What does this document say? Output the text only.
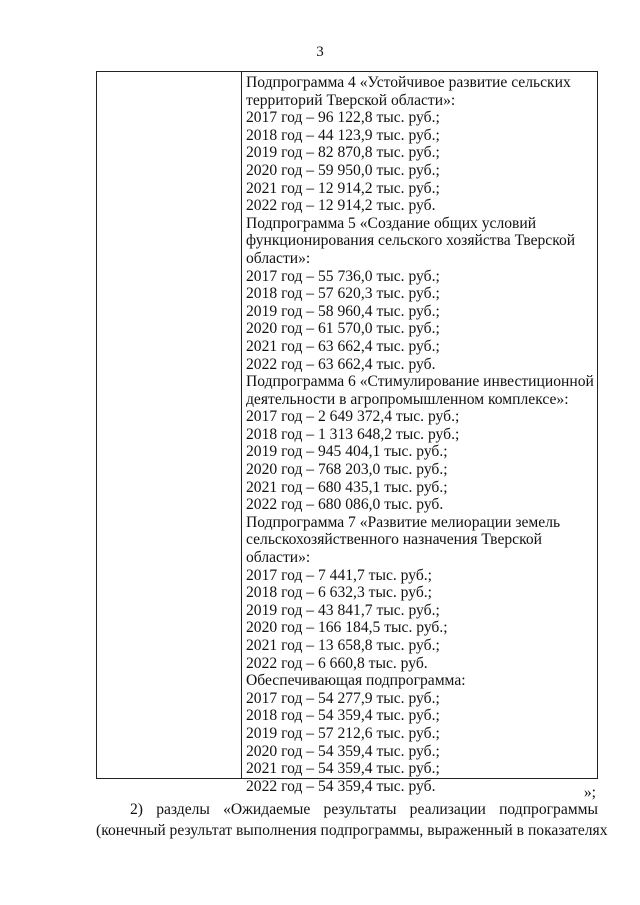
3
Подпрограмма 4 «Устойчивое развитие сельских
территорий Тверской области»:
2017 год – 96 122,8 тыс. руб.;
2018 год – 44 123,9 тыс. руб.;
2019 год – 82 870,8 тыс. руб.;
2020 год – 59 950,0 тыс. руб.;
2021 год – 12 914,2 тыс. руб.;
2022 год – 12 914,2 тыс. руб.
Подпрограмма 5 «Создание общих условий
функционирования сельского хозяйства Тверской
области»:
2017 год – 55 736,0 тыс. руб.;
2018 год – 57 620,3 тыс. руб.;
2019 год – 58 960,4 тыс. руб.;
2020 год – 61 570,0 тыс. руб.;
2021 год – 63 662,4 тыс. руб.;
2022 год – 63 662,4 тыс. руб.
Подпрограмма 6 «Стимулирование инвестиционной
деятельности в агропромышленном комплексе»:
2017 год – 2 649 372,4 тыс. руб.;
2018 год – 1 313 648,2 тыс. руб.;
2019 год – 945 404,1 тыс. руб.;
2020 год – 768 203,0 тыс. руб.;
2021 год – 680 435,1 тыс. руб.;
2022 год – 680 086,0 тыс. руб.
Подпрограмма 7 «Развитие мелиорации земель
сельскохозяйственного назначения Тверской
области»:
2017 год – 7 441,7 тыс. руб.;
2018 год – 6 632,3 тыс. руб.;
2019 год – 43 841,7 тыс. руб.;
2020 год – 166 184,5 тыс. руб.;
2021 год – 13 658,8 тыс. руб.;
2022 год – 6 660,8 тыс. руб.
Обеспечивающая подпрограмма:
2017 год – 54 277,9 тыс. руб.;
2018 год – 54 359,4 тыс. руб.;
2019 год – 57 212,6 тыс. руб.;
2020 год – 54 359,4 тыс. руб.;
2021 год – 54 359,4 тыс. руб.;
2022 год – 54 359,4 тыс. руб.	»;
2) разделы «Ожидаемые результаты реализации подпрограммы
(конечный результат выполнения подпрограммы, выраженный в показателях
